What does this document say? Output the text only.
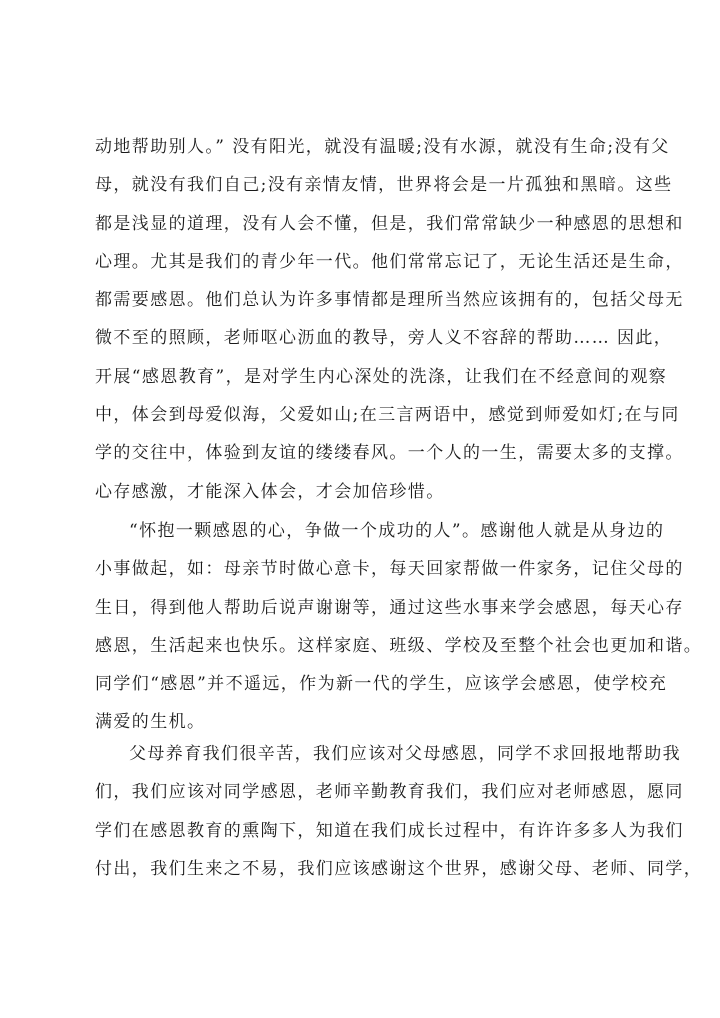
动地帮助别人。” 没有阳光，就没有温暖;没有水源，就没有生命;没有父
母，就没有我们自己;没有亲情友情，世界将会是一片孤独和黑暗。这些
都是浅显的道理，没有人会不懂，但是，我们常常缺少一种感恩的思想和
心理。尤其是我们的青少年一代。他们常常忘记了，无论生活还是生命，
都需要感恩。他们总认为许多事情都是理所当然应该拥有的，包括父母无
微不至的照顾，老师呕心沥血的教导，旁人义不容辞的帮助…… 因此，
开展“感恩教育”，是对学生内心深处的洗涤，让我们在不经意间的观察
中，体会到母爱似海，父爱如山;在三言两语中，感觉到师爱如灯;在与同
学的交往中，体验到友谊的缕缕春风。一个人的一生，需要太多的支撑。
心存感激，才能深入体会，才会加倍珍惜。
“怀抱一颗感恩的心，争做一个成功的人”。感谢他人就是从身边的
小事做起，如：母亲节时做心意卡，每天回家帮做一件家务，记住父母的
生日，得到他人帮助后说声谢谢等，通过这些水事来学会感恩，每天心存
感恩，生活起来也快乐。这样家庭、班级、学校及至整个社会也更加和谐。
同学们“感恩”并不遥远，作为新一代的学生，应该学会感恩，使学校充
满爱的生机。
父母养育我们很辛苦，我们应该对父母感恩，同学不求回报地帮助我
们，我们应该对同学感恩，老师辛勤教育我们，我们应对老师感恩，愿同
学们在感恩教育的熏陶下，知道在我们成长过程中，有许许多多人为我们
付出，我们生来之不易，我们应该感谢这个世界，感谢父母、老师、同学，
